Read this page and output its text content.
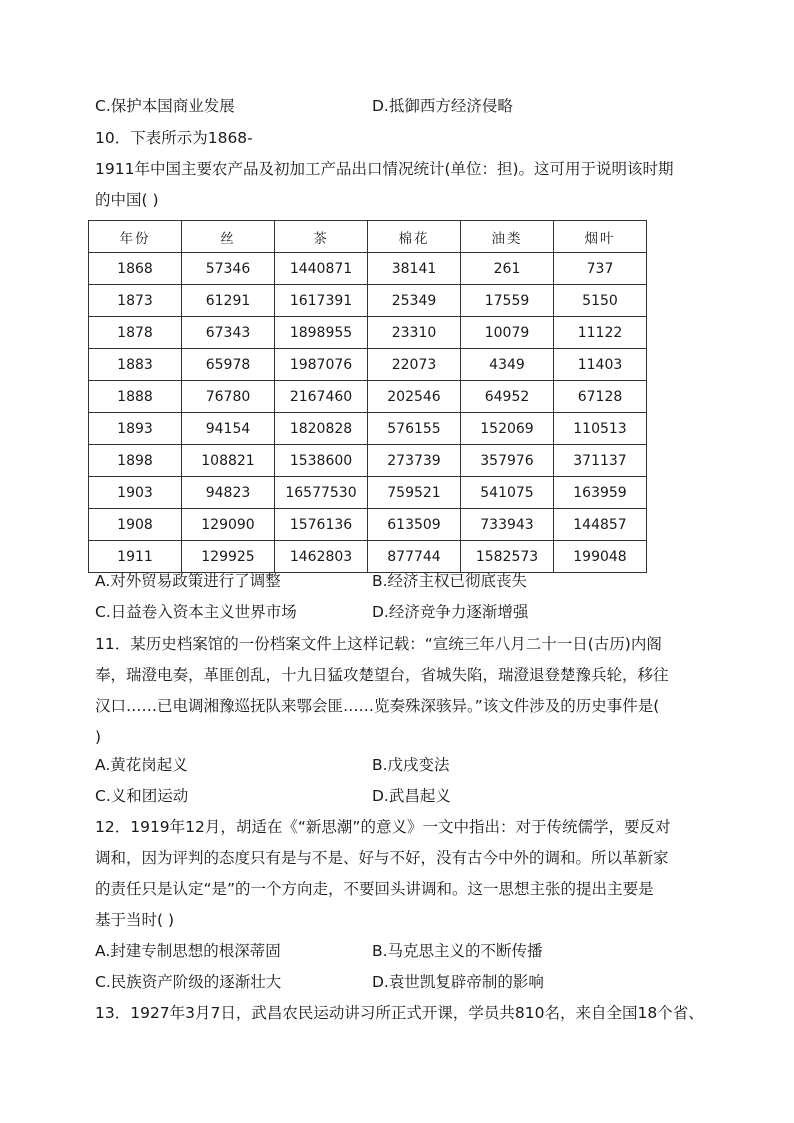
C.保护本国商业发展	D.抵御西方经济侵略
10．下表所示为1868-
1911年中国主要农产品及初加工产品出口情况统计(单位：担)。这可用于说明该时期
的中国( )
年份	丝	茶	棉花	油类	烟叶
1868	57346	1440871	38141	261	737
1873	61291	1617391	25349	17559	5150
1878	67343	1898955	23310	10079	11122
1883	65978	1987076	22073	4349	11403
1888	76780	2167460	202546	64952	67128
1893	94154	1820828	576155	152069	110513
1898	108821	1538600	273739	357976	371137
1903	94823	16577530	759521	541075	163959
1908	129090	1576136	613509	733943	144857
1911	129925	1462803	877744	1582573	199048
A.对外贸易政策进行了调整	B.经济主权已彻底丧失
C.日益卷入资本主义世界市场	D.经济竞争力逐渐增强
11．某历史档案馆的一份档案文件上这样记载：“宣统三年八月二十一日(古历)内阁
奉，瑞澄电奏，革匪创乱，十九日猛攻楚望台，省城失陷，瑞澄退登楚豫兵轮，移往
汉口……已电调湘豫巡抚队来鄂会匪……览奏殊深骇异。”该文件涉及的历史事件是(
)
A.黄花岗起义	B.戊戌变法
C.义和团运动	D.武昌起义
12．1919年12月，胡适在《“新思潮”的意义》一文中指出：对于传统儒学，要反对
调和，因为评判的态度只有是与不是、好与不好，没有古今中外的调和。所以革新家
的责任只是认定“是”的一个方向走，不要回头讲调和。这一思想主张的提出主要是
基于当时( )
A.封建专制思想的根深蒂固	B.马克思主义的不断传播
C.民族资产阶级的逐渐壮大	D.袁世凯复辟帝制的影响
13．1927年3月7日，武昌农民运动讲习所正式开课，学员共810名，来自全国18个省、
